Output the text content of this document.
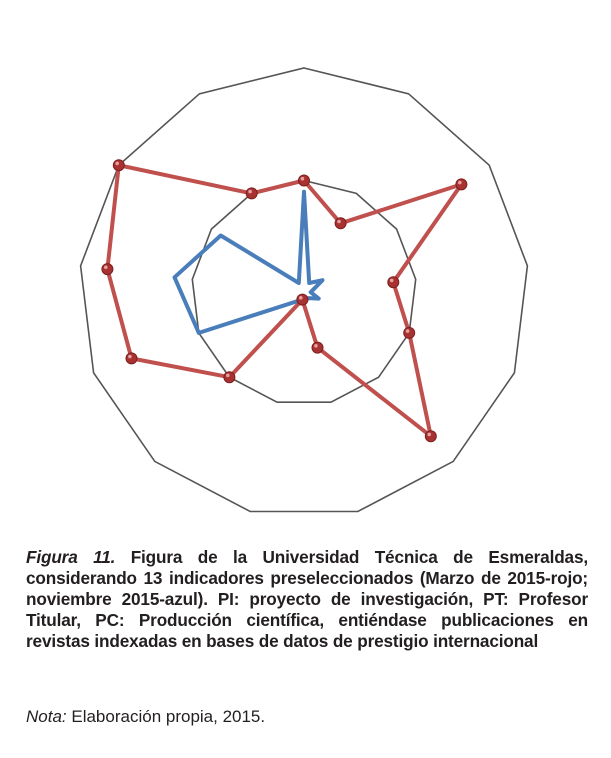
Figura 11. Figura de la Universidad Técnica de Esmeraldas, considerando 13 indicadores preseleccionados (Marzo de 2015-rojo; noviembre 2015-azul). PI: proyecto de investigación, PT: Profesor Titular, PC: Producción científica, entiéndase publicaciones en revistas indexadas en bases de datos de prestigio internacional
Nota: Elaboración propia, 2015.
